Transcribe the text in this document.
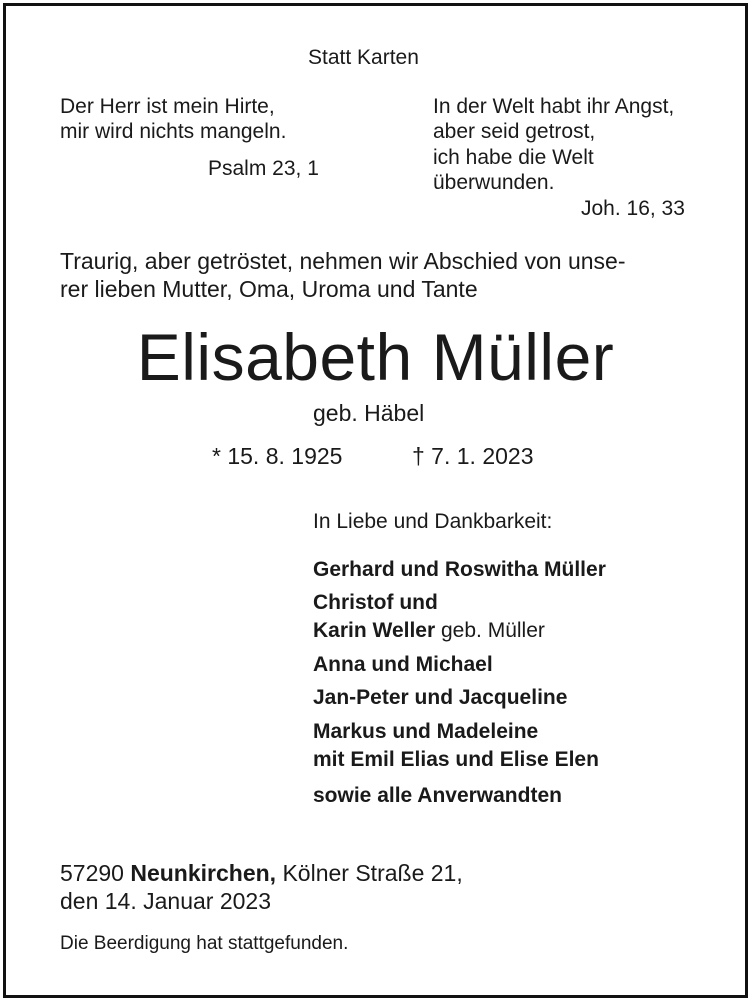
Statt Karten
Der Herr ist mein Hirte,
mir wird nichts mangeln.
Psalm 23, 1
In der Welt habt ihr Angst,
aber seid getrost,
ich habe die Welt
überwunden.
Joh. 16, 33
Traurig, aber getröstet, nehmen wir Abschied von unse-
rer lieben Mutter, Oma, Uroma und Tante
Elisabeth Müller
geb. Häbel
* 15. 8. 1925	† 7. 1. 2023
In Liebe und Dankbarkeit:
Gerhard und Roswitha Müller
Christof und
Karin Weller geb. Müller
Anna und Michael
Jan-Peter und Jacqueline
Markus und Madeleine
mit Emil Elias und Elise Elen
sowie alle Anverwandten
57290 Neunkirchen, Kölner Straße 21,
den 14. Januar 2023
Die Beerdigung hat stattgefunden.
